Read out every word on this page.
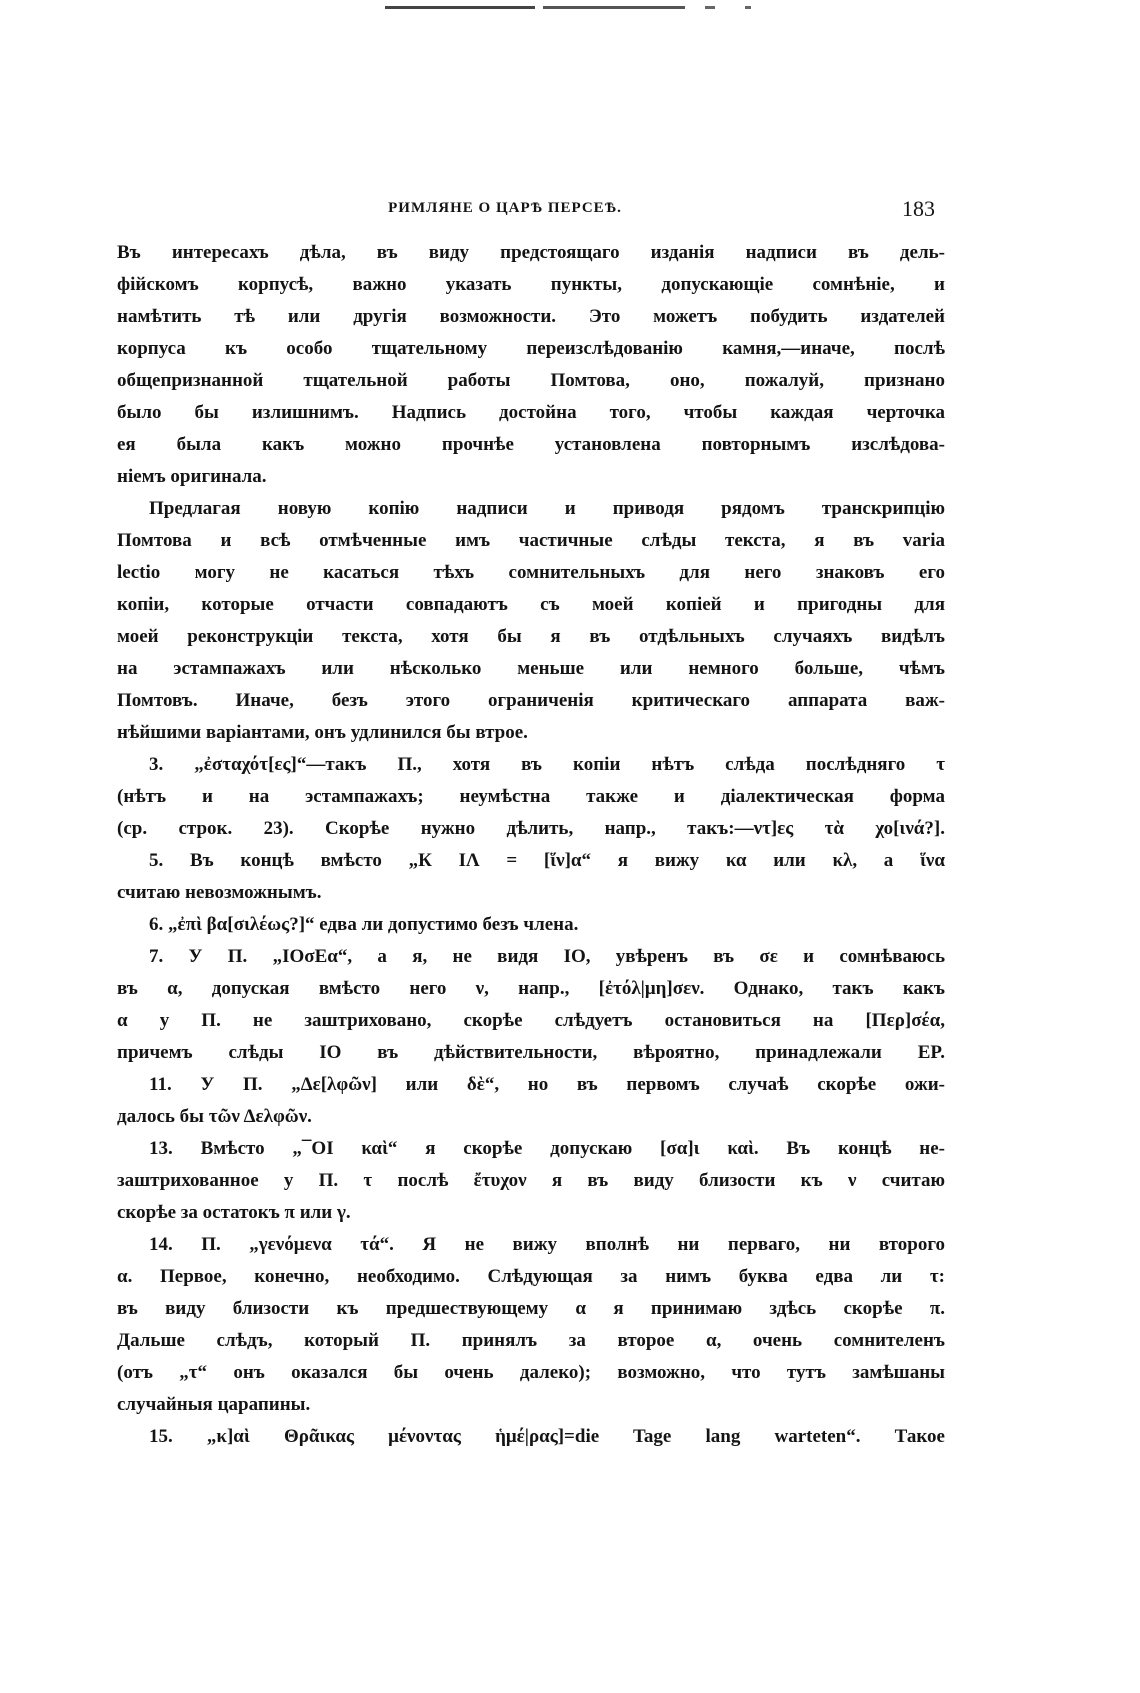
РИМЛЯНЕ О ЦАРѢ ПЕРСЕѢ.	183
Въ интересахъ дѣла, въ виду предстоящаго изданія надписи въ дель-
фійскомъ корпусѣ, важно указать пункты, допускающіе сомнѣніе, и
намѣтить тѣ или другія возможности. Это можетъ побудить издателей
корпуса къ особо тщательному переизслѣдованію камня,—иначе, послѣ
общепризнанной тщательной работы Помтова, оно, пожалуй, признано
было бы излишнимъ. Надпись достойна того, чтобы каждая черточка
ея была какъ можно прочнѣе установлена повторнымъ изслѣдова-
ніемъ оригинала.
Предлагая новую копію надписи и приводя рядомъ транскрипцію
Помтова и всѣ отмѣченные имъ частичные слѣды текста, я въ varia
lectio могу не касаться тѣхъ сомнительныхъ для него знаковъ его
копіи, которые отчасти совпадаютъ съ моей копіей и пригодны для
моей реконструкціи текста, хотя бы я въ отдѣльныхъ случаяхъ видѣлъ
на эстампажахъ или нѣсколько меньше или немного больше, чѣмъ
Помтовъ. Иначе, безъ этого ограниченія критическаго аппарата важ-
нѣйшими варіантами, онъ удлинился бы втрое.
3. „ἐσταχότ[ες]“—такъ П., хотя въ копіи нѣтъ слѣда послѣдняго τ
(нѣтъ и на эстампажахъ; неумѣстна также и діалектическая форма
(ср. строк. 23). Скорѣе нужно дѣлить, напр., такъ:—ντ]ες τὰ χο[ινά?].
5. Въ концѣ вмѣсто „К ΙΛ = [ἵν]α“ я вижу κα или κλ, а ἵνα
считаю невозможнымъ.
6. „ἐπὶ βα[σιλέως?]“ едва ли допустимо безъ члена.
7. У П. „ΙΟσΕα“, а я, не видя ΙΟ, увѣренъ въ σε и сомнѣваюсь
въ α, допуская вмѣсто него ν, напр., [ἐτόλ|μη]σεν. Однако, такъ какъ
α у П. не заштриховано, скорѣе слѣдуетъ остановиться на [Περ]σέα,
причемъ слѣды ΙΟ въ дѣйствительности, вѣроятно, принадлежали ΕΡ.
11. У П. „Δε[λφῶν] или δὲ“, но въ первомъ случаѣ скорѣе ожи-
далось бы τῶν Δελφῶν.
13. Вмѣсто „¯ΟΙ καὶ“ я скорѣе допускаю [σα]ι καὶ. Въ концѣ не-
заштрихованное у П. τ послѣ ἔτυχον я въ виду близости къ ν считаю
скорѣе за остатокъ π или γ.
14. П. „γενόμενα τά“. Я не вижу вполнѣ ни перваго, ни второго
α. Первое, конечно, необходимо. Слѣдующая за нимъ буква едва ли τ:
въ виду близости къ предшествующему α я принимаю здѣсь скорѣе π.
Дальше слѣдъ, который П. принялъ за второе α, очень сомнителенъ
(отъ „τ“ онъ оказался бы очень далеко); возможно, что тутъ замѣшаны
случайныя царапины.
15. „κ]αὶ Θρᾶικας μένοντας ἡμέ|ρας]=die Tage lang warteten“. Такое
